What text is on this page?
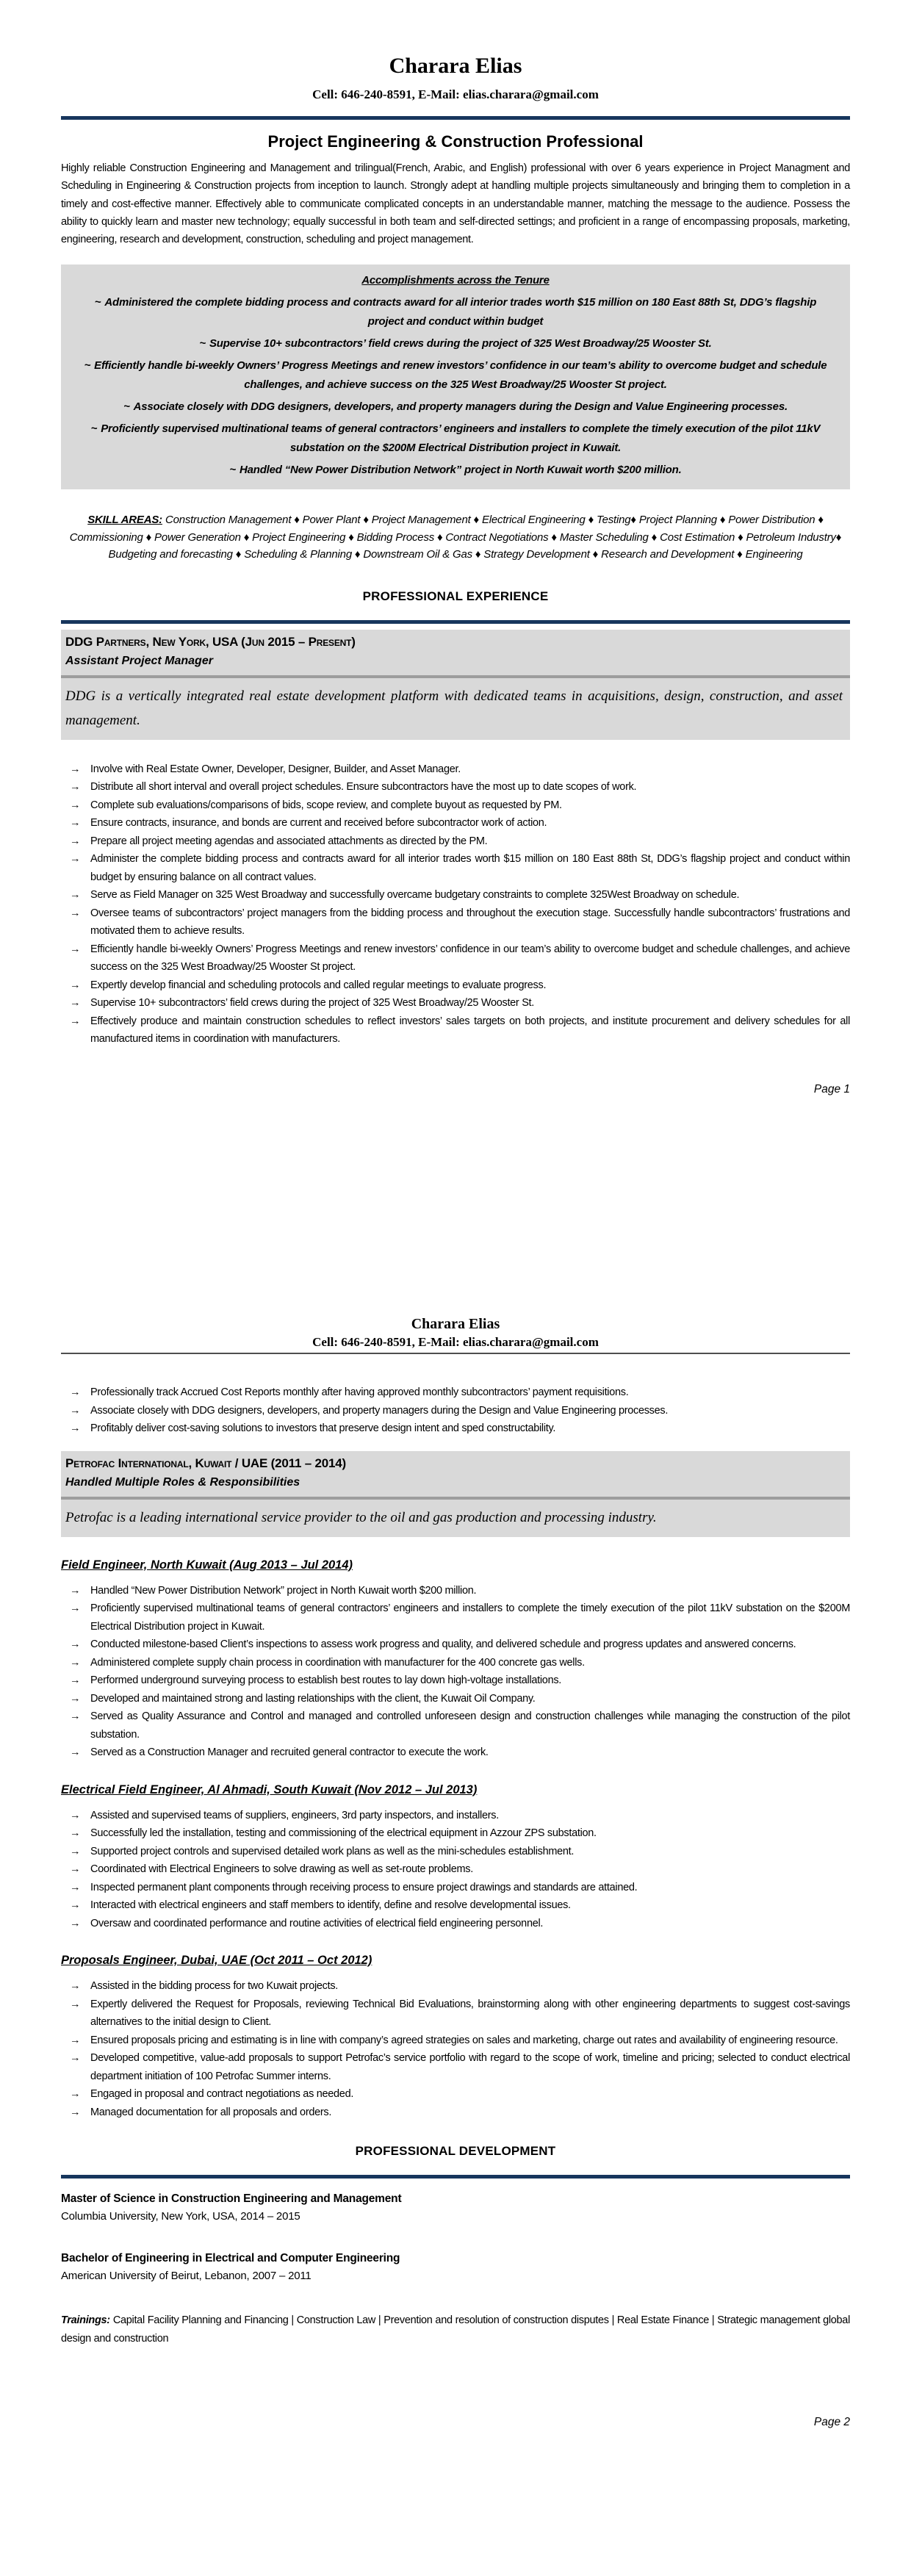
Charara Elias
Cell: 646-240-8591, E-Mail: elias.charara@gmail.com
Project Engineering & Construction Professional

Highly reliable Construction Engineering and Management and trilingual(French, Arabic, and English) professional with over 6 years experience in Project Managment and Scheduling in Engineering & Construction projects from inception to launch. Strongly adept at handling multiple projects simultaneously and bringing them to completion in a timely and cost-effective manner. Effectively able to communicate complicated concepts in an understandable manner, matching the message to the audience. Possess the ability to quickly learn and master new technology; equally successful in both team and self-directed settings; and proficient in a range of encompassing proposals, marketing, engineering, research and development, construction, scheduling and project management.

Accomplishments across the Tenure
~ Administered the complete bidding process and contracts award for all interior trades worth $15 million on 180 East 88th St, DDG’s flagship project and conduct within budget
~ Supervise 10+ subcontractors’ field crews during the project of 325 West Broadway/25 Wooster St.
~ Efficiently handle bi-weekly Owners’ Progress Meetings and renew investors’ confidence in our team’s ability to overcome budget and schedule challenges, and achieve success on the 325 West Broadway/25 Wooster St project.
~ Associate closely with DDG designers, developers, and property managers during the Design and Value Engineering processes.
~ Proficiently supervised multinational teams of general contractors’ engineers and installers to complete the timely execution of the pilot 11kV substation on the $200M Electrical Distribution project in Kuwait.
~ Handled “New Power Distribution Network” project in North Kuwait worth $200 million.

SKILL AREAS: Construction Management ♦ Power Plant ♦ Project Management ♦ Electrical Engineering ♦ Testing♦ Project Planning ♦ Power Distribution ♦ Commissioning ♦ Power Generation ♦ Project Engineering ♦ Bidding Process ♦ Contract Negotiations ♦ Master Scheduling ♦ Cost Estimation ♦ Petroleum Industry♦ Budgeting and forecasting ♦ Scheduling & Planning ♦ Downstream Oil & Gas ♦ Strategy Development ♦ Research and Development ♦ Engineering

PROFESSIONAL EXPERIENCE
DDG Partners, New York, USA (Jun 2015 – Present)
Assistant Project Manager
DDG is a vertically integrated real estate development platform with dedicated teams in acquisitions, design, construction, and asset management.
→ Involve with Real Estate Owner, Developer, Designer, Builder, and Asset Manager.
→ Distribute all short interval and overall project schedules. Ensure subcontractors have the most up to date scopes of work.
→ Complete sub evaluations/comparisons of bids, scope review, and complete buyout as requested by PM.
→ Ensure contracts, insurance, and bonds are current and received before subcontractor work of action.
→ Prepare all project meeting agendas and associated attachments as directed by the PM.
→ Administer the complete bidding process and contracts award for all interior trades worth $15 million on 180 East 88th St, DDG’s flagship project and conduct within budget by ensuring balance on all contract values.
→ Serve as Field Manager on 325 West Broadway and successfully overcame budgetary constraints to complete 325West Broadway on schedule.
→ Oversee teams of subcontractors’ project managers from the bidding process and throughout the execution stage. Successfully handle subcontractors’ frustrations and motivated them to achieve results.
→ Efficiently handle bi-weekly Owners’ Progress Meetings and renew investors’ confidence in our team’s ability to overcome budget and schedule challenges, and achieve success on the 325 West Broadway/25 Wooster St project.
→ Expertly develop financial and scheduling protocols and called regular meetings to evaluate progress.
→ Supervise 10+ subcontractors’ field crews during the project of 325 West Broadway/25 Wooster St.
→ Effectively produce and maintain construction schedules to reflect investors’ sales targets on both projects, and institute procurement and delivery schedules for all manufactured items in coordination with manufacturers.
Page 1
Charara Elias
Cell: 646-240-8591, E-Mail: elias.charara@gmail.com
→ Professionally track Accrued Cost Reports monthly after having approved monthly subcontractors’ payment requisitions.
→ Associate closely with DDG designers, developers, and property managers during the Design and Value Engineering processes.
→ Profitably deliver cost-saving solutions to investors that preserve design intent and sped constructability.
Petrofac International, Kuwait / UAE (2011 – 2014)
Handled Multiple Roles & Responsibilities
Petrofac is a leading international service provider to the oil and gas production and processing industry.
Field Engineer, North Kuwait (Aug 2013 – Jul 2014)
→ Handled “New Power Distribution Network” project in North Kuwait worth $200 million.
→ Proficiently supervised multinational teams of general contractors’ engineers and installers to complete the timely execution of the pilot 11kV substation on the $200M Electrical Distribution project in Kuwait.
→ Conducted milestone-based Client’s inspections to assess work progress and quality, and delivered schedule and progress updates and answered concerns.
→ Administered complete supply chain process in coordination with manufacturer for the 400 concrete gas wells.
→ Performed underground surveying process to establish best routes to lay down high-voltage installations.
→ Developed and maintained strong and lasting relationships with the client, the Kuwait Oil Company.
→ Served as Quality Assurance and Control and managed and controlled unforeseen design and construction challenges while managing the construction of the pilot substation.
→ Served as a Construction Manager and recruited general contractor to execute the work.
Electrical Field Engineer, Al Ahmadi, South Kuwait (Nov 2012 – Jul 2013)
→ Assisted and supervised teams of suppliers, engineers, 3rd party inspectors, and installers.
→ Successfully led the installation, testing and commissioning of the electrical equipment in Azzour ZPS substation.
→ Supported project controls and supervised detailed work plans as well as the mini-schedules establishment.
→ Coordinated with Electrical Engineers to solve drawing as well as set-route problems.
→ Inspected permanent plant components through receiving process to ensure project drawings and standards are attained.
→ Interacted with electrical engineers and staff members to identify, define and resolve developmental issues.
→ Oversaw and coordinated performance and routine activities of electrical field engineering personnel.
Proposals Engineer, Dubai, UAE (Oct 2011 – Oct 2012)
→ Assisted in the bidding process for two Kuwait projects.
→ Expertly delivered the Request for Proposals, reviewing Technical Bid Evaluations, brainstorming along with other engineering departments to suggest cost-savings alternatives to the initial design to Client.
→ Ensured proposals pricing and estimating is in line with company’s agreed strategies on sales and marketing, charge out rates and availability of engineering resource.
→ Developed competitive, value-add proposals to support Petrofac’s service portfolio with regard to the scope of work, timeline and pricing; selected to conduct electrical department initiation of 100 Petrofac Summer interns.
→ Engaged in proposal and contract negotiations as needed.
→ Managed documentation for all proposals and orders.
PROFESSIONAL DEVELOPMENT
Master of Science in Construction Engineering and Management
Columbia University, New York, USA, 2014 – 2015
Bachelor of Engineering in Electrical and Computer Engineering
American University of Beirut, Lebanon, 2007 – 2011

Trainings: Capital Facility Planning and Financing | Construction Law | Prevention and resolution of construction disputes | Real Estate Finance | Strategic management global design and construction

Page 2
